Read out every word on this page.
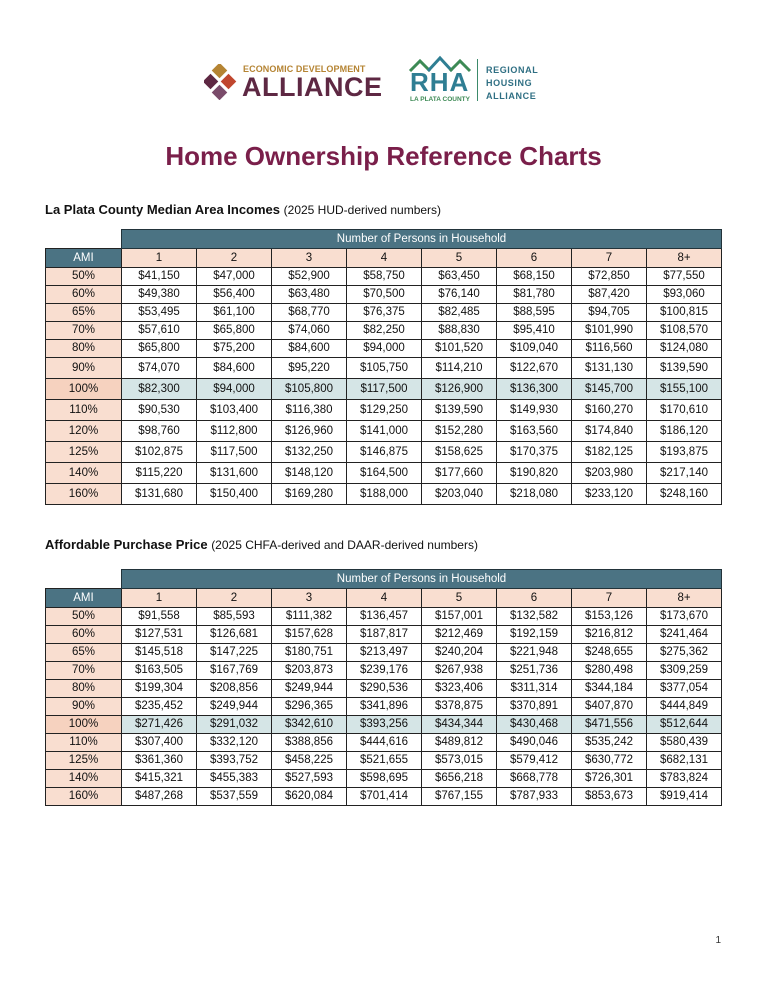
ECONOMIC DEVELOPMENT
ALLIANCE RHA
LA PLATA COUNTY
REGIONAL
HOUSING
ALLIANCE
Home Ownership Reference Charts
La Plata County Median Area Incomes (2025 HUD-derived numbers)
	Number of Persons in Household							
AMI	1	2	3	4	5	6	7	8+
50%	$41,150	$47,000	$52,900	$58,750	$63,450	$68,150	$72,850	$77,550
60%	$49,380	$56,400	$63,480	$70,500	$76,140	$81,780	$87,420	$93,060
65%	$53,495	$61,100	$68,770	$76,375	$82,485	$88,595	$94,705	$100,815
70%	$57,610	$65,800	$74,060	$82,250	$88,830	$95,410	$101,990	$108,570
80%	$65,800	$75,200	$84,600	$94,000	$101,520	$109,040	$116,560	$124,080
90%	$74,070	$84,600	$95,220	$105,750	$114,210	$122,670	$131,130	$139,590
100%	$82,300	$94,000	$105,800	$117,500	$126,900	$136,300	$145,700	$155,100
110%	$90,530	$103,400	$116,380	$129,250	$139,590	$149,930	$160,270	$170,610
120%	$98,760	$112,800	$126,960	$141,000	$152,280	$163,560	$174,840	$186,120
125%	$102,875	$117,500	$132,250	$146,875	$158,625	$170,375	$182,125	$193,875
140%	$115,220	$131,600	$148,120	$164,500	$177,660	$190,820	$203,980	$217,140
160%	$131,680	$150,400	$169,280	$188,000	$203,040	$218,080	$233,120	$248,160
Affordable Purchase Price (2025 CHFA-derived and DAAR-derived numbers)
	Number of Persons in Household							
AMI	1	2	3	4	5	6	7	8+
50%	$91,558	$85,593	$111,382	$136,457	$157,001	$132,582	$153,126	$173,670
60%	$127,531	$126,681	$157,628	$187,817	$212,469	$192,159	$216,812	$241,464
65%	$145,518	$147,225	$180,751	$213,497	$240,204	$221,948	$248,655	$275,362
70%	$163,505	$167,769	$203,873	$239,176	$267,938	$251,736	$280,498	$309,259
80%	$199,304	$208,856	$249,944	$290,536	$323,406	$311,314	$344,184	$377,054
90%	$235,452	$249,944	$296,365	$341,896	$378,875	$370,891	$407,870	$444,849
100%	$271,426	$291,032	$342,610	$393,256	$434,344	$430,468	$471,556	$512,644
110%	$307,400	$332,120	$388,856	$444,616	$489,812	$490,046	$535,242	$580,439
125%	$361,360	$393,752	$458,225	$521,655	$573,015	$579,412	$630,772	$682,131
140%	$415,321	$455,383	$527,593	$598,695	$656,218	$668,778	$726,301	$783,824
160%	$487,268	$537,559	$620,084	$701,414	$767,155	$787,933	$853,673	$919,414
1
